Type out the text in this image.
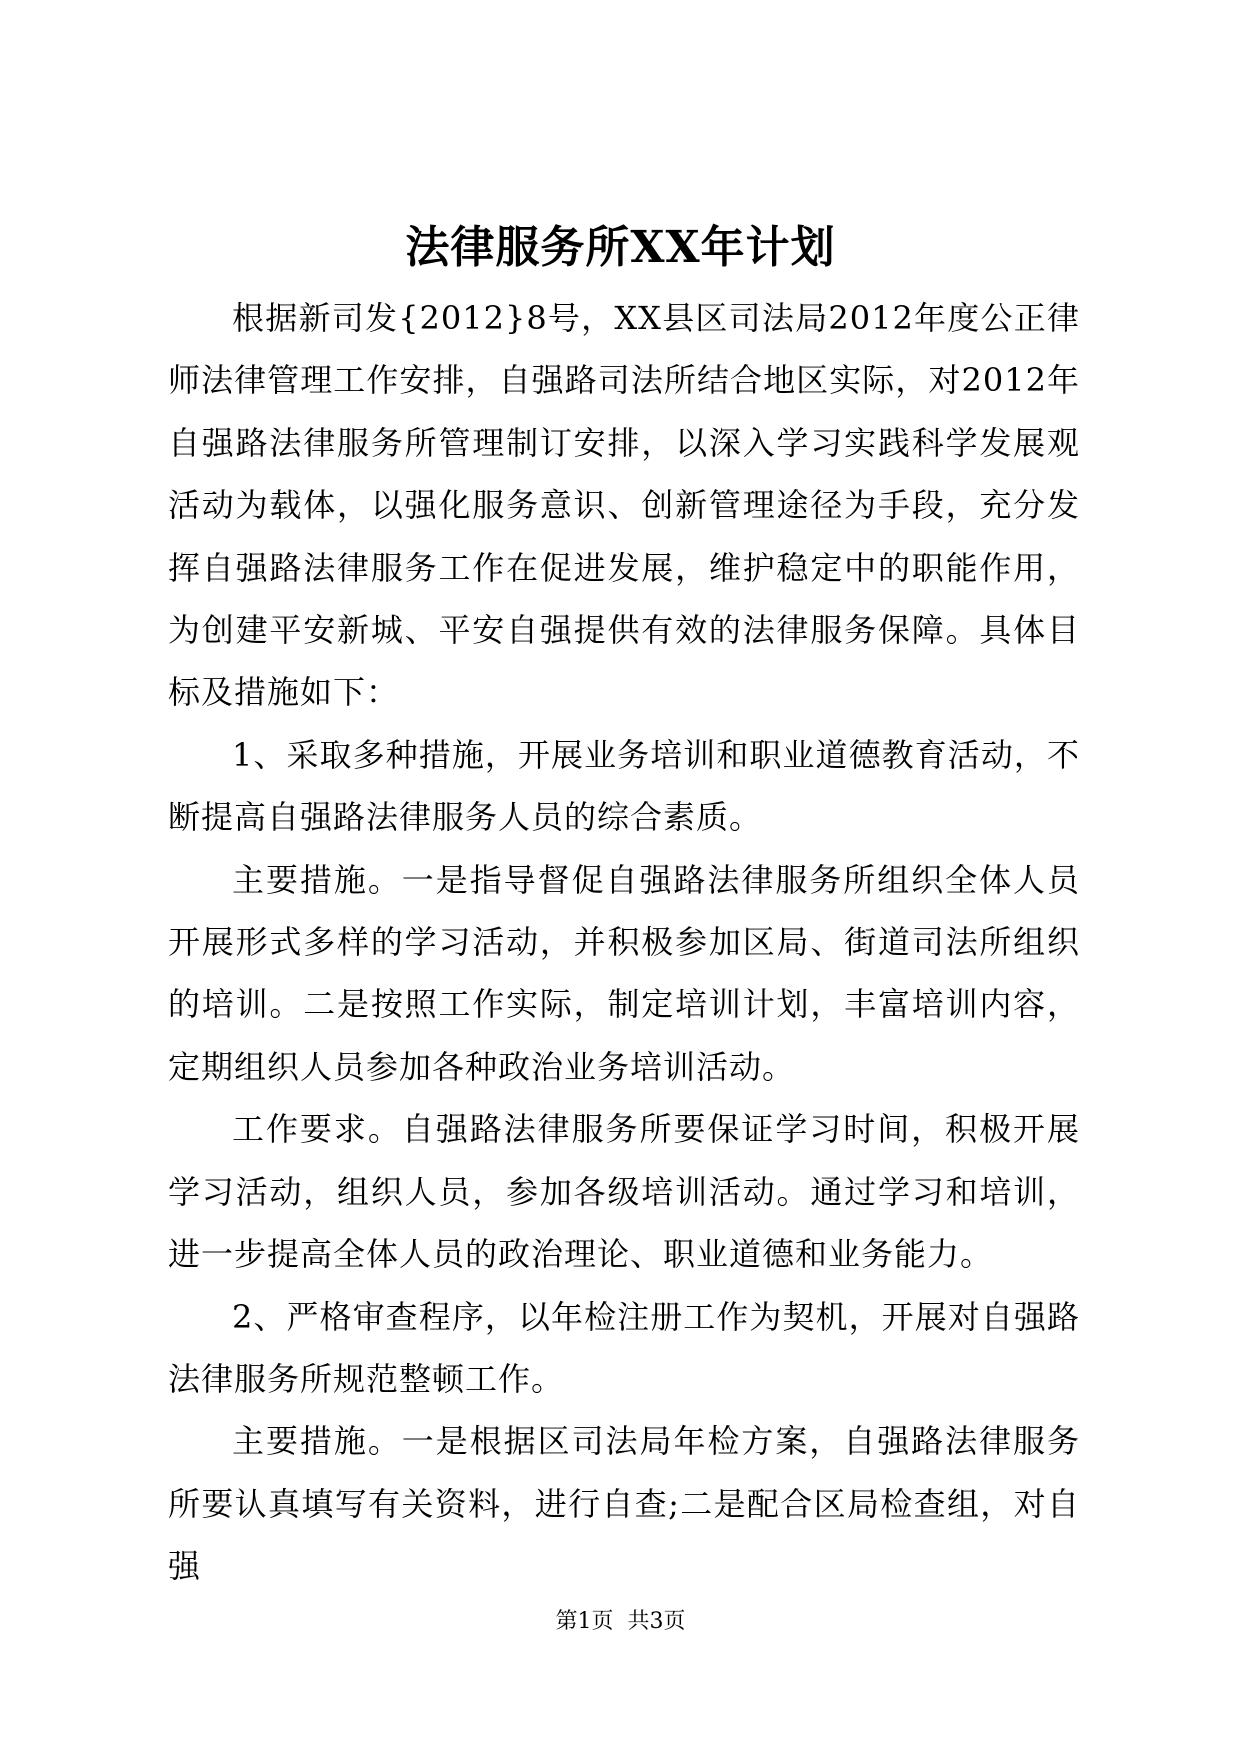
法律服务所XX年计划

根据新司发{2012}8号，XX县区司法局2012年度公正律师法律管理工作安排，自强路司法所结合地区实际，对2012年自强路法律服务所管理制订安排，以深入学习实践科学发展观活动为载体，以强化服务意识、创新管理途径为手段，充分发挥自强路法律服务工作在促进发展，维护稳定中的职能作用，为创建平安新城、平安自强提供有效的法律服务保障。具体目标及措施如下：

1、采取多种措施，开展业务培训和职业道德教育活动，不断提高自强路法律服务人员的综合素质。

主要措施。一是指导督促自强路法律服务所组织全体人员开展形式多样的学习活动，并积极参加区局、街道司法所组织的培训。二是按照工作实际，制定培训计划，丰富培训内容，定期组织人员参加各种政治业务培训活动。

工作要求。自强路法律服务所要保证学习时间，积极开展学习活动，组织人员，参加各级培训活动。通过学习和培训，进一步提高全体人员的政治理论、职业道德和业务能力。

2、严格审查程序，以年检注册工作为契机，开展对自强路法律服务所规范整顿工作。

主要措施。一是根据区司法局年检方案，自强路法律服务所要认真填写有关资料，进行自查;二是配合区局检查组，对自强

第1页 共3页
